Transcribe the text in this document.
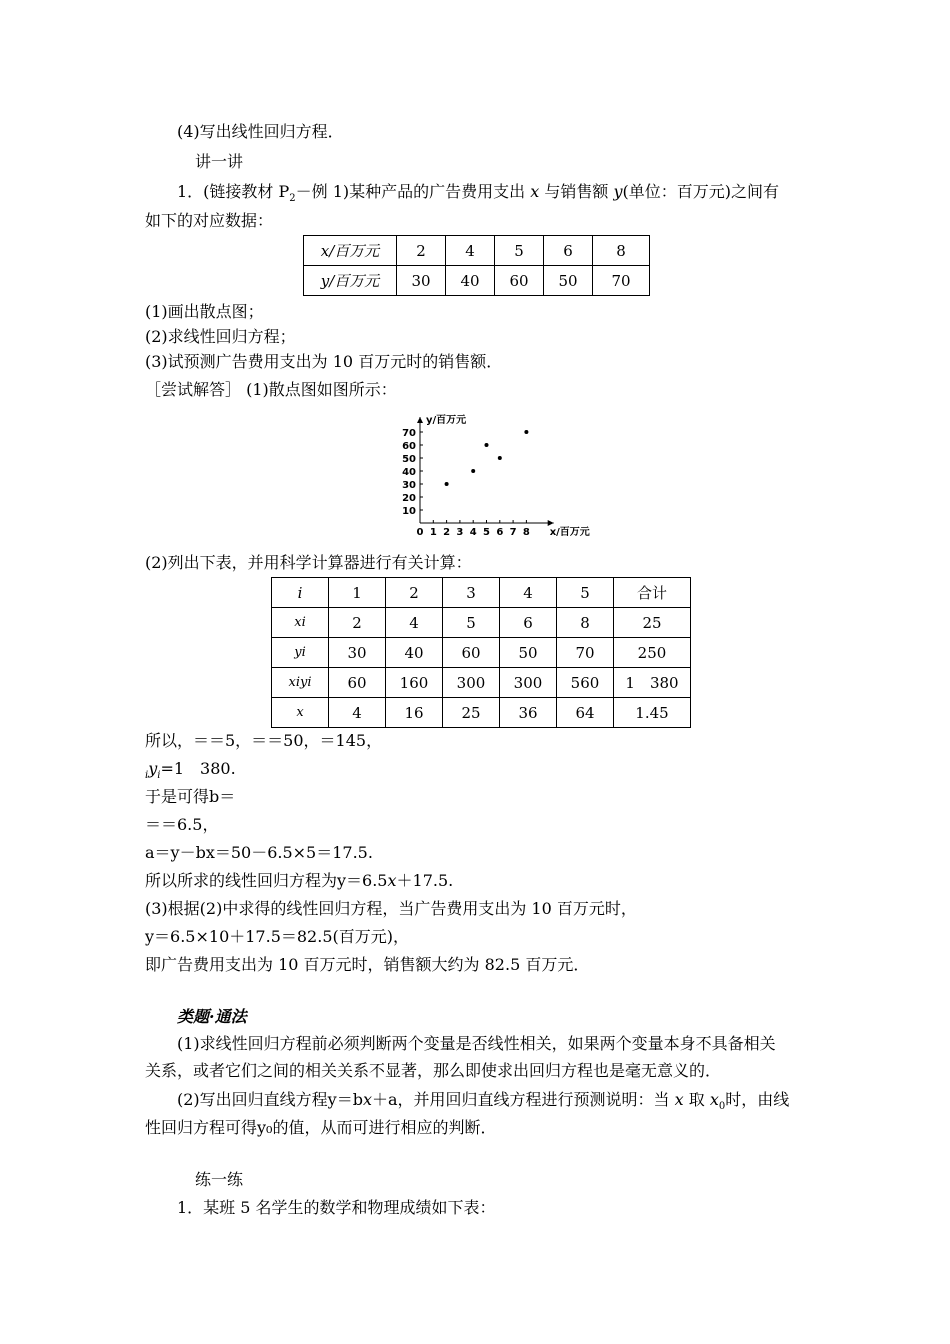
(4)写出线性回归方程．
讲一讲
1．(链接教材 $P_2-$例 1)某种产品的广告费用支出 x 与销售额 y(单位：百万元)之间有
如下的对应数据：
x/百万元	2	4	5	6	8
y/百万元	30	40	60	50	70
(1)画出散点图；
(2)求线性回归方程；
(3)试预测广告费用支出为 10 百万元时的销售额．
［尝试解答］ (1)散点图如图所示：
0 1 2 3 4 5 6 7 8
10
20
30
40
50
60
70
x/百万元
y/百万元
(2)列出下表，并用科学计算器进行有关计算：
i	1	2	3	4	5	合计
xi	2	4	5	6	8	25
yi	30	40	60	50	70	250
xiyi	60	160	300	300	560	1　380
x	4	16	25	36	64	1.45
所以，＝＝5，＝＝50，＝145，
$_iy_i=1$　380.
于是可得b＝
＝＝6.5，
a＝y－bx＝50－6.5×5＝17.5.
所以所求的线性回归方程为y＝6.5x＋17.5.
(3)根据(2)中求得的线性回归方程，当广告费用支出为 10 百万元时，
y＝6.5×10＋17.5＝82.5(百万元)，
即广告费用支出为 10 百万元时，销售额大约为 82.5 百万元．
类题·通法
(1)求线性回归方程前必须判断两个变量是否线性相关，如果两个变量本身不具备相关
关系，或者它们之间的相关关系不显著，那么即使求出回归方程也是毫无意义的．
(2)写出回归直线方程y＝bx＋a，并用回归直线方程进行预测说明：当 x 取 $x_0$时，由线
性回归方程可得y₀的值，从而可进行相应的判断．
练一练
1．某班 5 名学生的数学和物理成绩如下表：
